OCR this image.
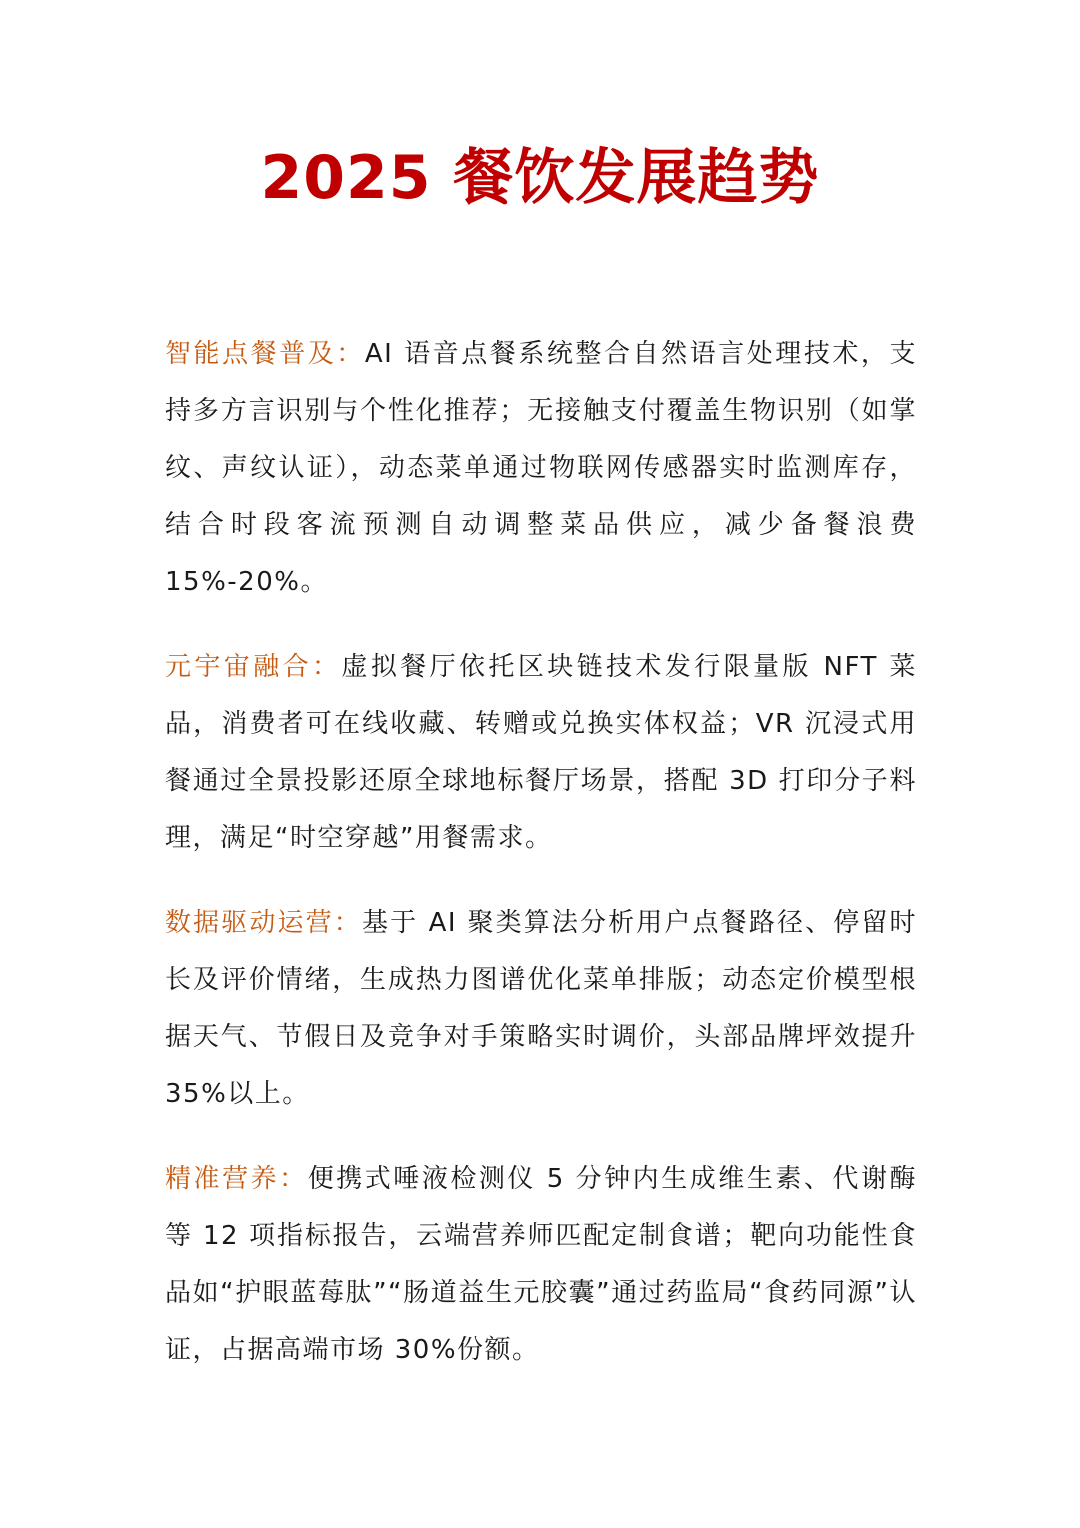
2025 餐饮发展趋势

智能点餐普及：AI 语音点餐系统整合自然语言处理技术，支持多方言识别与个性化推荐；无接触支付覆盖生物识别（如掌纹、声纹认证），动态菜单通过物联网传感器实时监测库存，结合时段客流预测自动调整菜品供应，减少备餐浪费 15%-20%。

元宇宙融合：虚拟餐厅依托区块链技术发行限量版 NFT 菜品，消费者可在线收藏、转赠或兑换实体权益；VR 沉浸式用餐通过全景投影还原全球地标餐厅场景，搭配 3D 打印分子料理，满足“时空穿越”用餐需求。

数据驱动运营：基于 AI 聚类算法分析用户点餐路径、停留时长及评价情绪，生成热力图谱优化菜单排版；动态定价模型根据天气、节假日及竞争对手策略实时调价，头部品牌坪效提升 35%以上。

精准营养：便携式唾液检测仪 5 分钟内生成维生素、代谢酶等 12 项指标报告，云端营养师匹配定制食谱；靶向功能性食品如“护眼蓝莓肽”“肠道益生元胶囊”通过药监局“食药同源”认证，占据高端市场 30%份额。
